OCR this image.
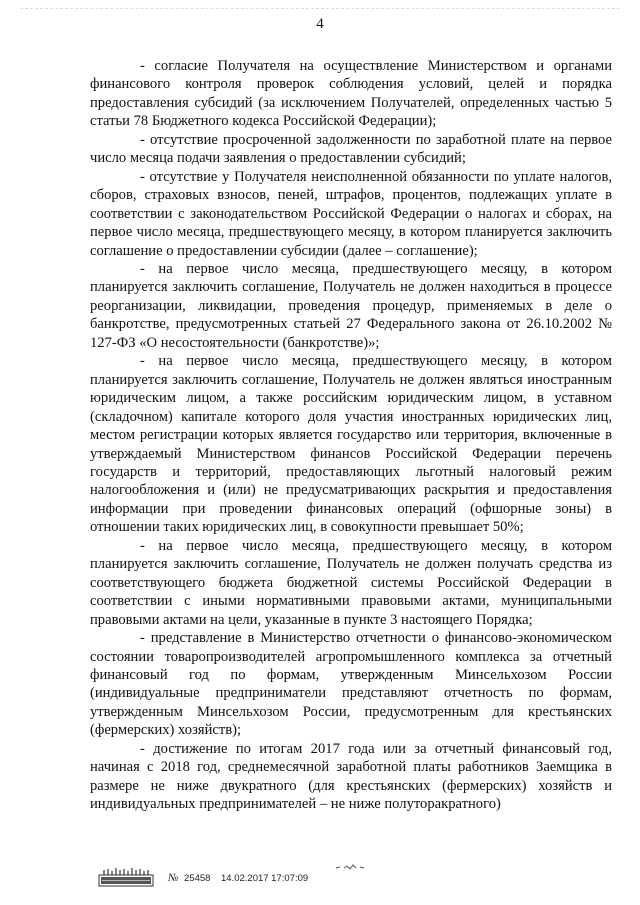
4

- согласие Получателя на осуществление Министерством и органами финансового контроля проверок соблюдения условий, целей и порядка предоставления субсидий (за исключением Получателей, определенных частью 5 статьи 78 Бюджетного кодекса Российской Федерации);

- отсутствие просроченной задолженности по заработной плате на первое число месяца подачи заявления о предоставлении субсидий;

- отсутствие у Получателя неисполненной обязанности по уплате налогов, сборов, страховых взносов, пеней, штрафов, процентов, подлежащих уплате в соответствии с законодательством Российской Федерации о налогах и сборах, на первое число месяца, предшествующего месяцу, в котором планируется заключить соглашение о предоставлении субсидии (далее – соглашение);

- на первое число месяца, предшествующего месяцу, в котором планируется заключить соглашение, Получатель не должен находиться в процессе реорганизации, ликвидации, проведения процедур, применяемых в деле о банкротстве, предусмотренных статьей 27 Федерального закона от 26.10.2002 № 127-ФЗ «О несостоятельности (банкротстве)»;

- на первое число месяца, предшествующего месяцу, в котором планируется заключить соглашение, Получатель не должен являться иностранным юридическим лицом, а также российским юридическим лицом, в уставном (складочном) капитале которого доля участия иностранных юридических лиц, местом регистрации которых является государство или территория, включенные в утверждаемый Министерством финансов Российской Федерации перечень государств и территорий, предоставляющих льготный налоговый режим налогообложения и (или) не предусматривающих раскрытия и предоставления информации при проведении финансовых операций (офшорные зоны) в отношении таких юридических лиц, в совокупности превышает 50%;

- на первое число месяца, предшествующего месяцу, в котором планируется заключить соглашение, Получатель не должен получать средства из соответствующего бюджета бюджетной системы Российской Федерации в соответствии с иными нормативными правовыми актами, муниципальными правовыми актами на цели, указанные в пункте 3 настоящего Порядка;

- представление в Министерство отчетности о финансово-экономическом состоянии товаропроизводителей агропромышленного комплекса за отчетный финансовый год по формам, утвержденным Минсельхозом России (индивидуальные предприниматели представляют отчетность по формам, утвержденным Минсельхозом России, предусмотренным для крестьянских (фермерских) хозяйств);

- достижение по итогам 2017 года или за отчетный финансовый год, начиная с 2018 год, среднемесячной заработной платы работников Заемщика в размере не ниже двукратного (для крестьянских (фермерских) хозяйств и индивидуальных предпринимателей – не ниже полуторакратного)

№ 25458 14.02.2017 17:07:09
